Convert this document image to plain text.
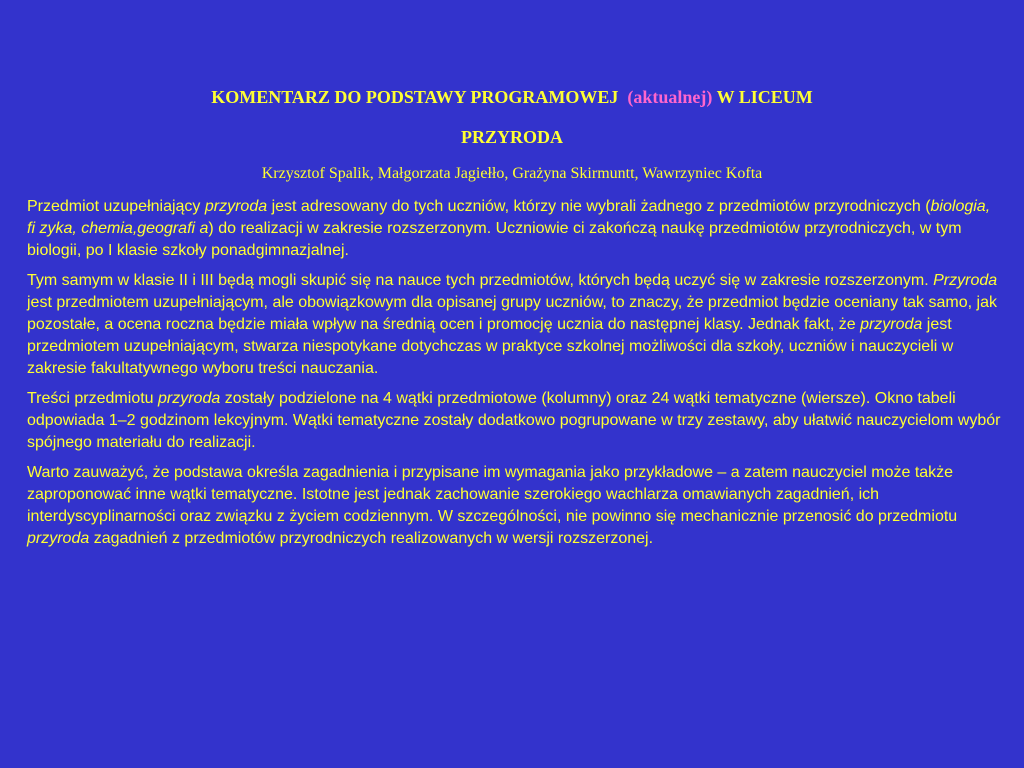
KOMENTARZ DO PODSTAWY PROGRAMOWEJ (aktualnej) W LICEUM
PRZYRODA
Krzysztof Spalik, Małgorzata Jagiełło, Grażyna Skirmuntt, Wawrzyniec Kofta

Przedmiot uzupełniający przyroda jest adresowany do tych uczniów, którzy nie wybrali żadnego z przedmiotów przyrodniczych (biologia, fi zyka, chemia,geografi a) do realizacji w zakresie rozszerzonym. Uczniowie ci zakończą naukę przedmiotów przyrodniczych, w tym biologii, po I klasie szkoły ponadgimnazjalnej.

Tym samym w klasie II i III będą mogli skupić się na nauce tych przedmiotów, których będą uczyć się w zakresie rozszerzonym. Przyroda jest przedmiotem uzupełniającym, ale obowiązkowym dla opisanej grupy uczniów, to znaczy, że przedmiot będzie oceniany tak samo, jak pozostałe, a ocena roczna będzie miała wpływ na średnią ocen i promocję ucznia do następnej klasy. Jednak fakt, że przyroda jest przedmiotem uzupełniającym, stwarza niespotykane dotychczas w praktyce szkolnej możliwości dla szkoły, uczniów i nauczycieli w zakresie fakultatywnego wyboru treści nauczania.

Treści przedmiotu przyroda zostały podzielone na 4 wątki przedmiotowe (kolumny) oraz 24 wątki tematyczne (wiersze). Okno tabeli odpowiada 1–2 godzinom lekcyjnym. Wątki tematyczne zostały dodatkowo pogrupowane w trzy zestawy, aby ułatwić nauczycielom wybór spójnego materiału do realizacji.

Warto zauważyć, że podstawa określa zagadnienia i przypisane im wymagania jako przykładowe – a zatem nauczyciel może także zaproponować inne wątki tematyczne. Istotne jest jednak zachowanie szerokiego wachlarza omawianych zagadnień, ich interdyscyplinarności oraz związku z życiem codziennym. W szczególności, nie powinno się mechanicznie przenosić do przedmiotu przyroda zagadnień z przedmiotów przyrodniczych realizowanych w wersji rozszerzonej.
